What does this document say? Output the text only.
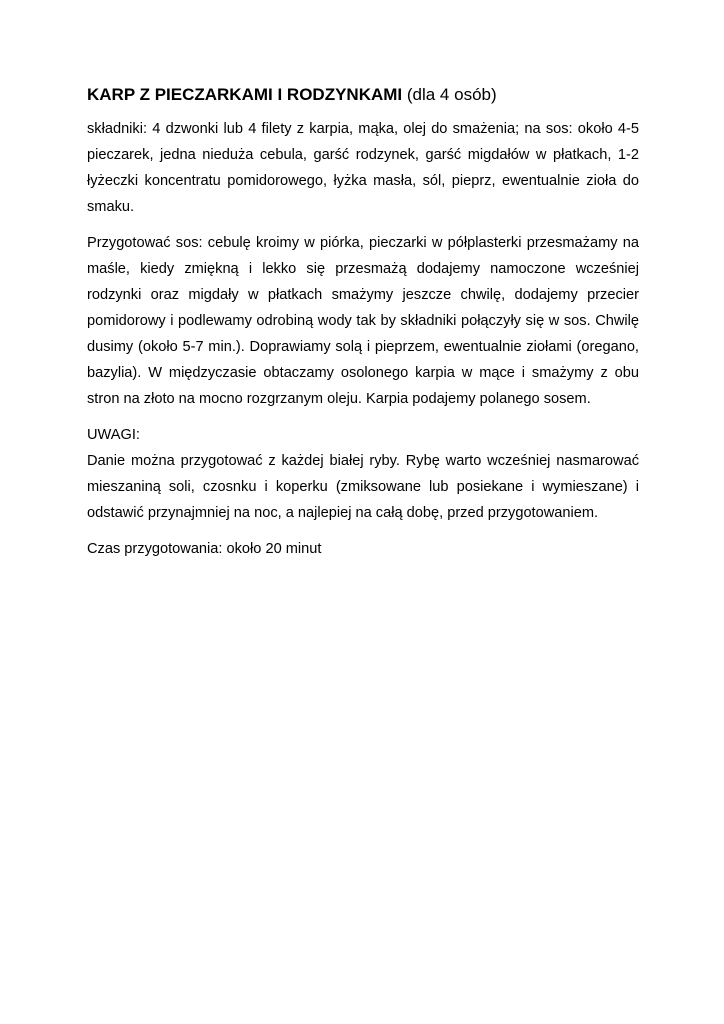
KARP Z PIECZARKAMI I RODZYNKAMI (dla 4 osób)

składniki: 4 dzwonki lub 4 filety z karpia, mąka, olej do smażenia; na sos: około 4-5 pieczarek, jedna nieduża cebula, garść rodzynek, garść migdałów w płatkach, 1-2 łyżeczki koncentratu pomidorowego, łyżka masła, sól, pieprz, ewentualnie zioła do smaku.

Przygotować sos: cebulę kroimy w piórka, pieczarki w półplasterki przesmażamy na maśle, kiedy zmiękną i lekko się przesmażą dodajemy namoczone wcześniej rodzynki oraz migdały w płatkach smażymy jeszcze chwilę, dodajemy przecier pomidorowy i podlewamy odrobiną wody tak by składniki połączyły się w sos. Chwilę dusimy (około 5-7 min.). Doprawiamy solą i pieprzem, ewentualnie ziołami (oregano, bazylia). W międzyczasie obtaczamy osolonego karpia w mące i smażymy z obu stron na złoto na mocno rozgrzanym oleju. Karpia podajemy polanego sosem.

UWAGI:

Danie można przygotować z każdej białej ryby. Rybę warto wcześniej nasmarować mieszaniną soli, czosnku i koperku (zmiksowane lub posiekane i wymieszane) i odstawić przynajmniej na noc, a najlepiej na całą dobę, przed przygotowaniem.

Czas przygotowania: około 20 minut
